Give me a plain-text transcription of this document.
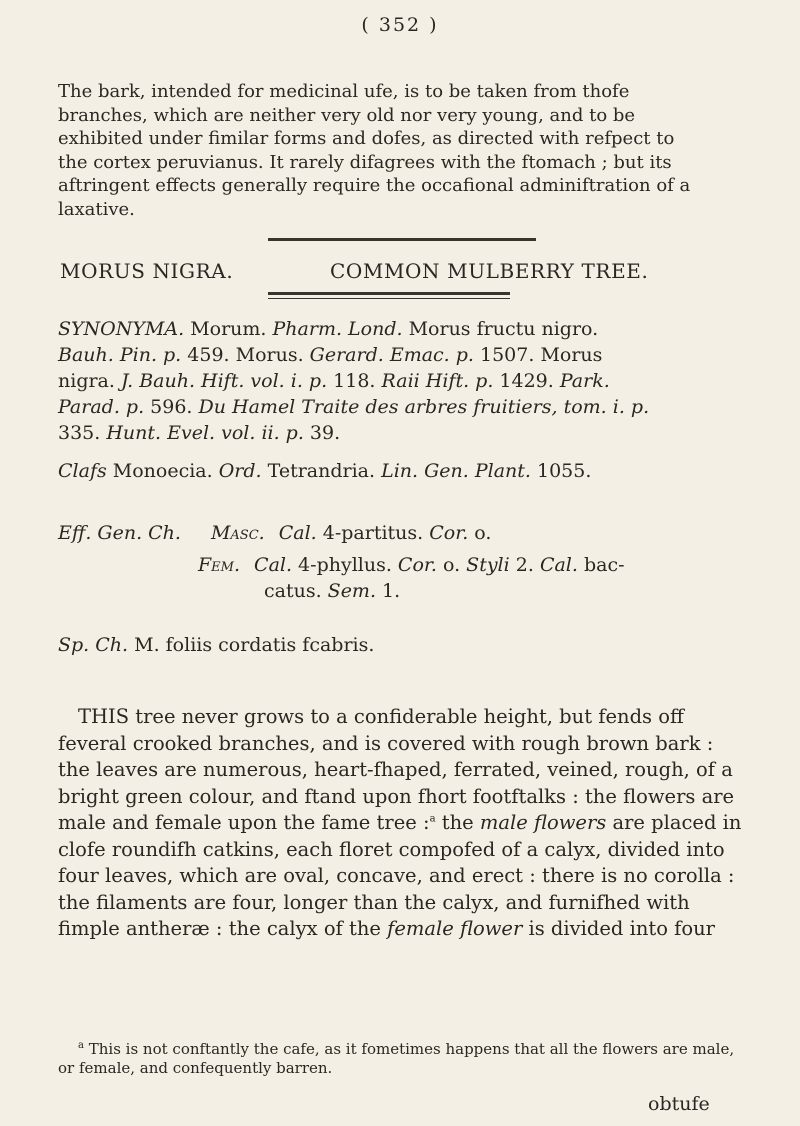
( 352 )
The bark, intended for medicinal ufe, is to be taken from thofe
branches, which are neither very old nor very young, and to be
exhibited under fimilar forms and dofes, as directed with refpect to
the cortex peruvianus. It rarely difagrees with the ftomach ; but its
aftringent effects generally require the occafional adminiftration of a
laxative.
MORUS NIGRA.	COMMON MULBERRY TREE.
SYNONYMA. Morum. Pharm. Lond. Morus fructu nigro.
Bauh. Pin. p. 459. Morus. Gerard. Emac. p. 1507. Morus
nigra. J. Bauh. Hift. vol. i. p. 118. Raii Hift. p. 1429. Park.
Parad. p. 596. Du Hamel Traite des arbres fruitiers, tom. i. p.
335. Hunt. Evel. vol. ii. p. 39.
Clafs Monoecia. Ord. Tetrandria. Lin. Gen. Plant. 1055.
Eff. Gen. Ch. Masc. Cal. 4-partitus. Cor. o.
Fem. Cal. 4-phyllus. Cor. o. Styli 2. Cal. bac-
catus. Sem. 1.
Sp. Ch. M. foliis cordatis fcabris.
THIS tree never grows to a confiderable height, but fends off
feveral crooked branches, and is covered with rough brown bark :
the leaves are numerous, heart-fhaped, ferrated, veined, rough, of a
bright green colour, and ftand upon fhort footftalks : the flowers are
male and female upon the fame tree :$^a$ the male flowers are placed in
clofe roundifh catkins, each floret compofed of a calyx, divided into
four leaves, which are oval, concave, and erect : there is no corolla :
the filaments are four, longer than the calyx, and furnifhed with
fimple antheræ : the calyx of the female flower is divided into four
$^a$ This is not conftantly the cafe, as it fometimes happens that all the flowers are male,
or female, and confequently barren.
obtufe
